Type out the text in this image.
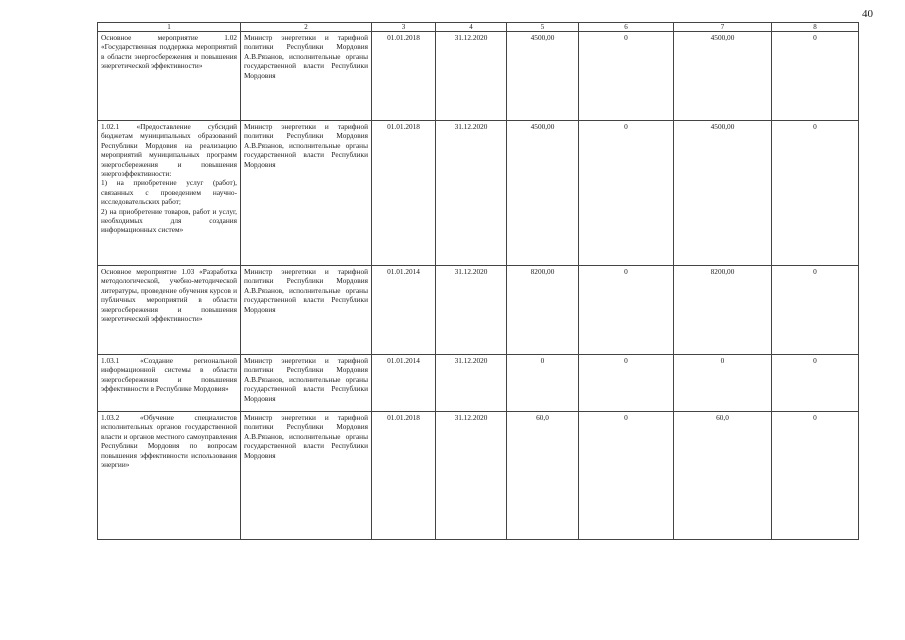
40
1	2	3	4	5	6	7	8
Основное мероприятие 1.02 «Государственная поддержка мероприятий в области энергосбережения и повышения энергетической эффективности»	Министр энергетики и тарифной политики Республики Мордовия А.В.Рязанов, исполнительные органы государственной власти Республики Мордовия	01.01.2018	31.12.2020	4500,00	0	4500,00	0

1.02.1 «Предоставление субсидий бюджетам муниципальных образований Республики Мордовия на реализацию мероприятий муниципальных программ энергосбережения и повышения энергоэффективности:
1) на приобретение услуг (работ), связанных с проведением научно-исследовательских работ;
2) на приобретение товаров, работ и услуг, необходимых для создания информационных систем»	Министр энергетики и тарифной политики Республики Мордовия А.В.Рязанов, исполнительные органы государственной власти Республики Мордовия	01.01.2018	31.12.2020	4500,00	0	4500,00	0
Основное мероприятие 1.03 «Разработка методологической, учебно-методической литературы, проведение обучения курсов и публичных мероприятий в области энергосбережения и повышения энергетической эффективности»	Министр энергетики и тарифной политики Республики Мордовия А.В.Рязанов, исполнительные органы государственной власти Республики Мордовия	01.01.2014	31.12.2020	8200,00	0	8200,00	0
1.03.1 «Создание региональной информационной системы в области энергосбережения и повышения эффективности в Республике Мордовия»	Министр энергетики и тарифной политики Республики Мордовия А.В.Рязанов, исполнительные органы государственной власти Республики Мордовия	01.01.2014	31.12.2020	0	0	0	0
1.03.2 «Обучение специалистов исполнительных органов государственной власти и органов местного самоуправления Республики Мордовия по вопросам повышения эффективности использования энергии»	Министр энергетики и тарифной политики Республики Мордовия А.В.Рязанов, исполнительные органы государственной власти Республики Мордовия	01.01.2018	31.12.2020	60,0	0	60,0	0
